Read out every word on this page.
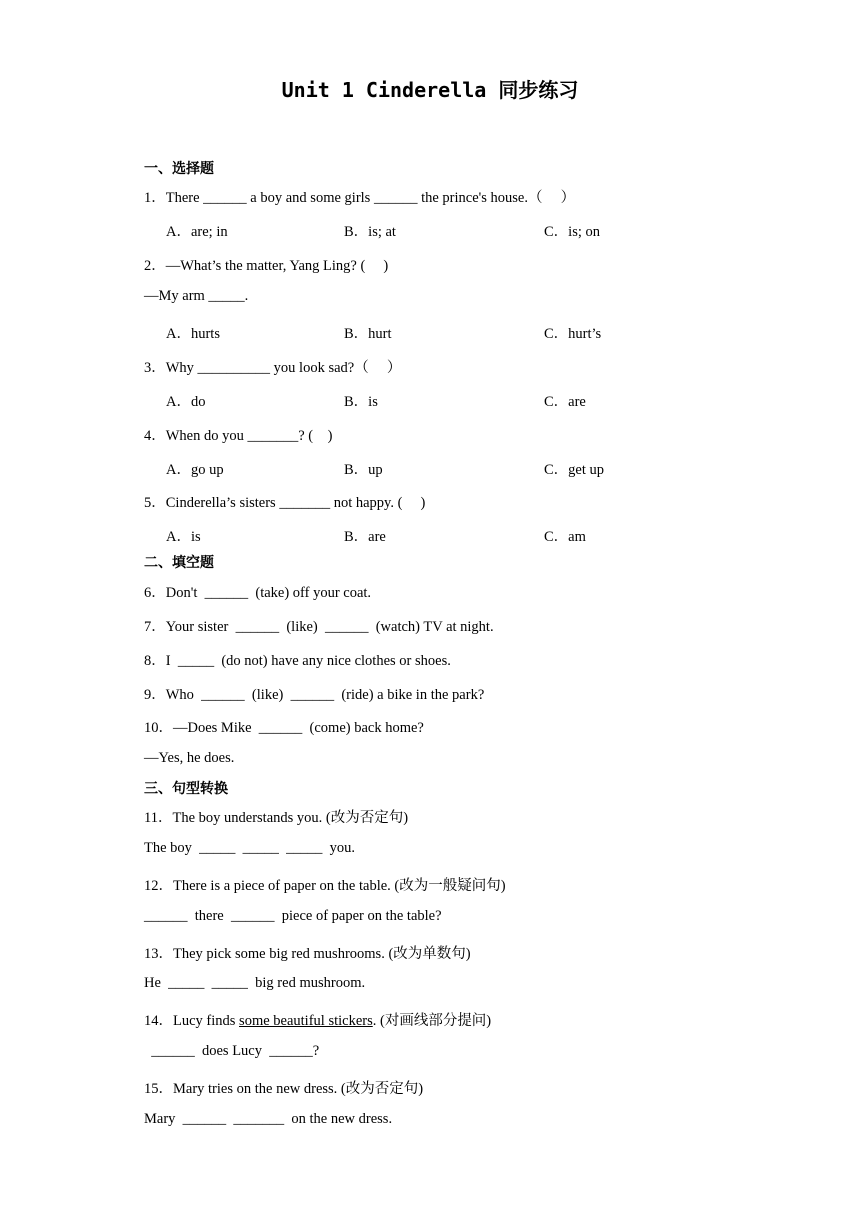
Unit 1 Cinderella 同步练习
一、选择题
1．There ______ a boy and some girls ______ the prince's house.（     ）
A．are; in	B．is; at	C．is; on
2．—What’s the matter, Yang Ling? (     )
—My arm _____.
A．hurts	B．hurt	C．hurt’s
3．Why __________ you look sad?（     ）
A．do	B．is	C．are
4．When do you _______? (    )
A．go up	B．up	C．get up
5．Cinderella’s sisters _______ not happy. (     )
A．is	B．are	C．am
二、填空题
6．Don't  ______  (take) off your coat.
7．Your sister  ______  (like)  ______  (watch) TV at night.
8．I  _____  (do not) have any nice clothes or shoes.
9．Who  ______  (like)  ______  (ride) a bike in the park?
10．—Does Mike  ______  (come) back home?
—Yes, he does.
三、句型转换
11．The boy understands you. (改为否定句)
The boy  _____  _____  _____  you.
12．There is a piece of paper on the table. (改为一般疑问句)
______  there  ______  piece of paper on the table?
13．They pick some big red mushrooms. (改为单数句)
He  _____  _____  big red mushroom.
14．Lucy finds some beautiful stickers. (对画线部分提问)
______  does Lucy  ______?
15．Mary tries on the new dress. (改为否定句)
Mary  ______  _______  on the new dress.
